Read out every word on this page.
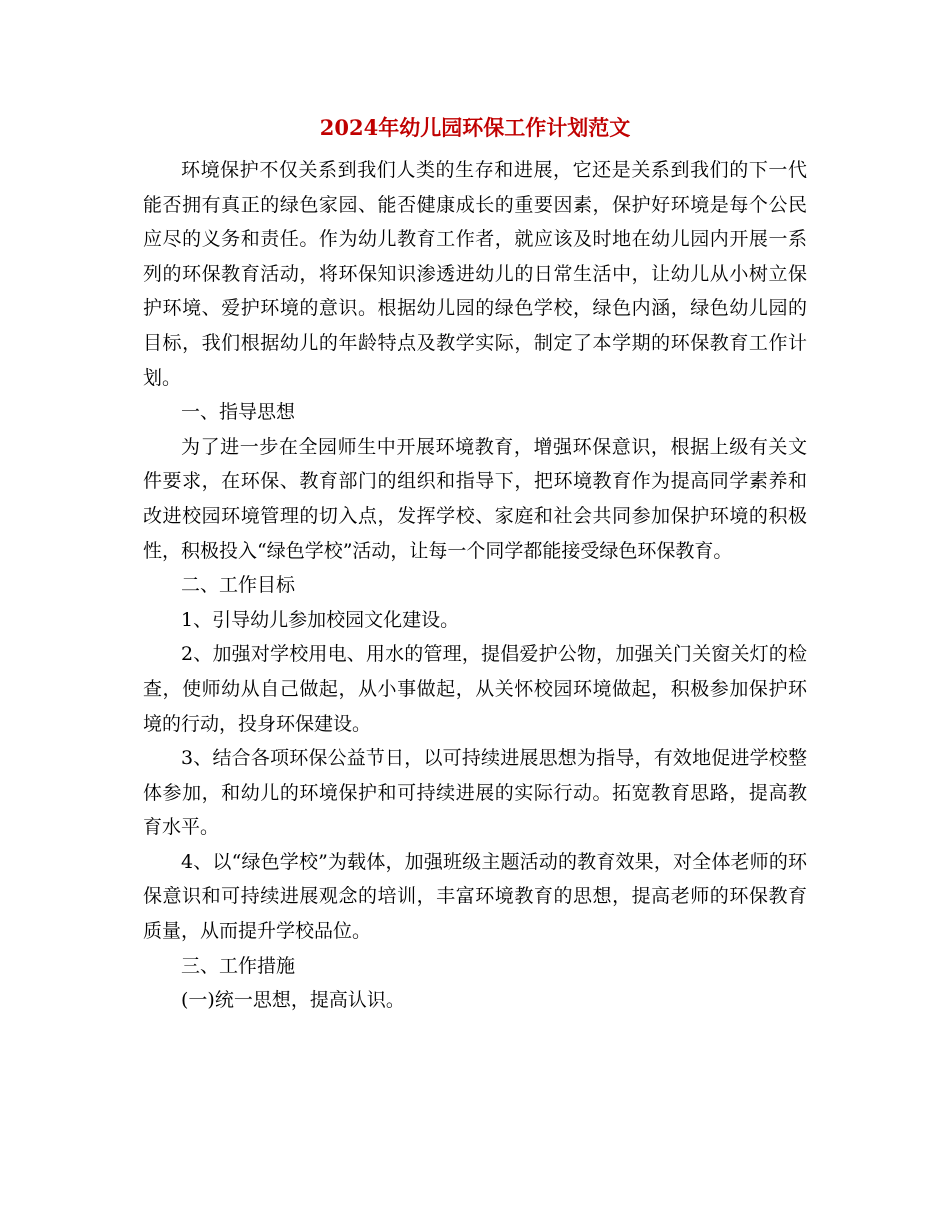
2024年幼儿园环保工作计划范文

环境保护不仅关系到我们人类的生存和进展，它还是关系到我们的下一代能否拥有真正的绿色家园、能否健康成长的重要因素，保护好环境是每个公民应尽的义务和责任。作为幼儿教育工作者，就应该及时地在幼儿园内开展一系列的环保教育活动，将环保知识渗透进幼儿的日常生活中，让幼儿从小树立保护环境、爱护环境的意识。根据幼儿园的绿色学校，绿色内涵，绿色幼儿园的目标，我们根据幼儿的年龄特点及教学实际，制定了本学期的环保教育工作计划。

一、指导思想

为了进一步在全园师生中开展环境教育，增强环保意识，根据上级有关文件要求，在环保、教育部门的组织和指导下，把环境教育作为提高同学素养和改进校园环境管理的切入点，发挥学校、家庭和社会共同参加保护环境的积极性，积极投入“绿色学校”活动，让每一个同学都能接受绿色环保教育。

二、工作目标

1、引导幼儿参加校园文化建设。

2、加强对学校用电、用水的管理，提倡爱护公物，加强关门关窗关灯的检查，使师幼从自己做起，从小事做起，从关怀校园环境做起，积极参加保护环境的行动，投身环保建设。

3、结合各项环保公益节日，以可持续进展思想为指导，有效地促进学校整体参加，和幼儿的环境保护和可持续进展的实际行动。拓宽教育思路，提高教育水平。

4、以“绿色学校”为载体，加强班级主题活动的教育效果，对全体老师的环保意识和可持续进展观念的培训，丰富环境教育的思想，提高老师的环保教育质量，从而提升学校品位。

三、工作措施

(一)统一思想，提高认识。
